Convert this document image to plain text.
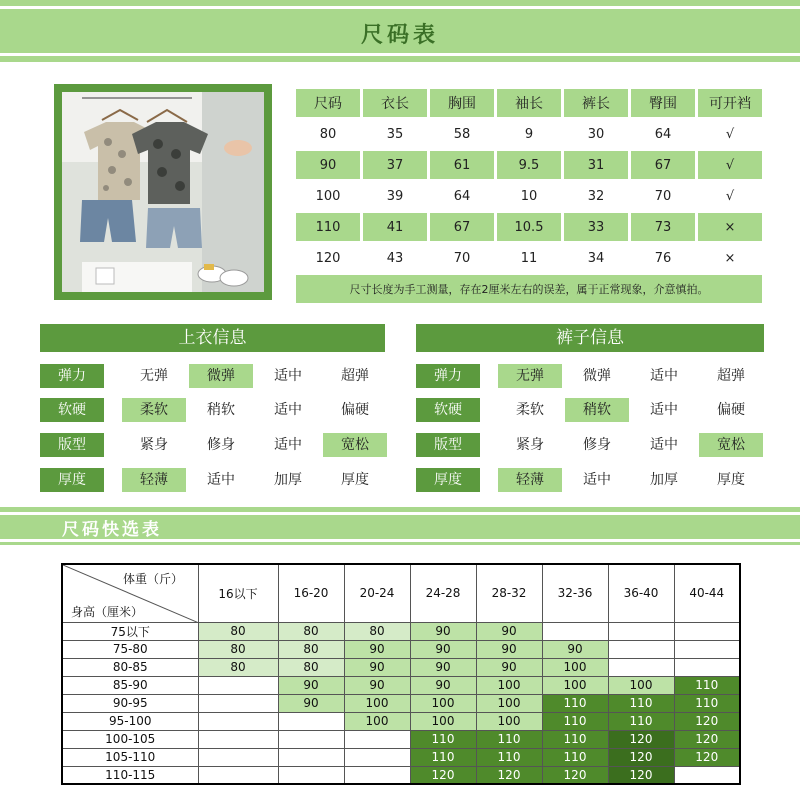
尺码表
尺码	衣长	胸围	袖长	裤长	臀围	可开裆
80	35	58	9	30	64	√
90	37	61	9.5	31	67	√
100	39	64	10	32	70	√
110	41	67	10.5	33	73	×
120	43	70	11	34	76	×
尺寸长度为手工测量，存在2厘米左右的误差，属于正常现象，介意慎拍。						
上衣信息
弹力	无弹	微弹	适中	超弹
软硬	柔软	稍软	适中	偏硬
版型	紧身	修身	适中	宽松
厚度	轻薄	适中	加厚	厚度
裤子信息
弹力	无弹	微弹	适中	超弹
软硬	柔软	稍软	适中	偏硬
版型	紧身	修身	适中	宽松
厚度	轻薄	适中	加厚	厚度
尺码快选表
体重（斤）
身高（厘米）	16以下	16-20	20-24	24-28	28-32	32-36	36-40	40-44
75以下	80	80	80	90	90			
75-80	80	80	90	90	90	90		
80-85	80	80	90	90	90	100		
85-90		90	90	90	100	100	100	110
90-95		90	100	100	100	110	110	110
95-100			100	100	100	110	110	120
100-105				110	110	110	120	120
105-110				110	110	110	120	120
110-115				120	120	120	120	
